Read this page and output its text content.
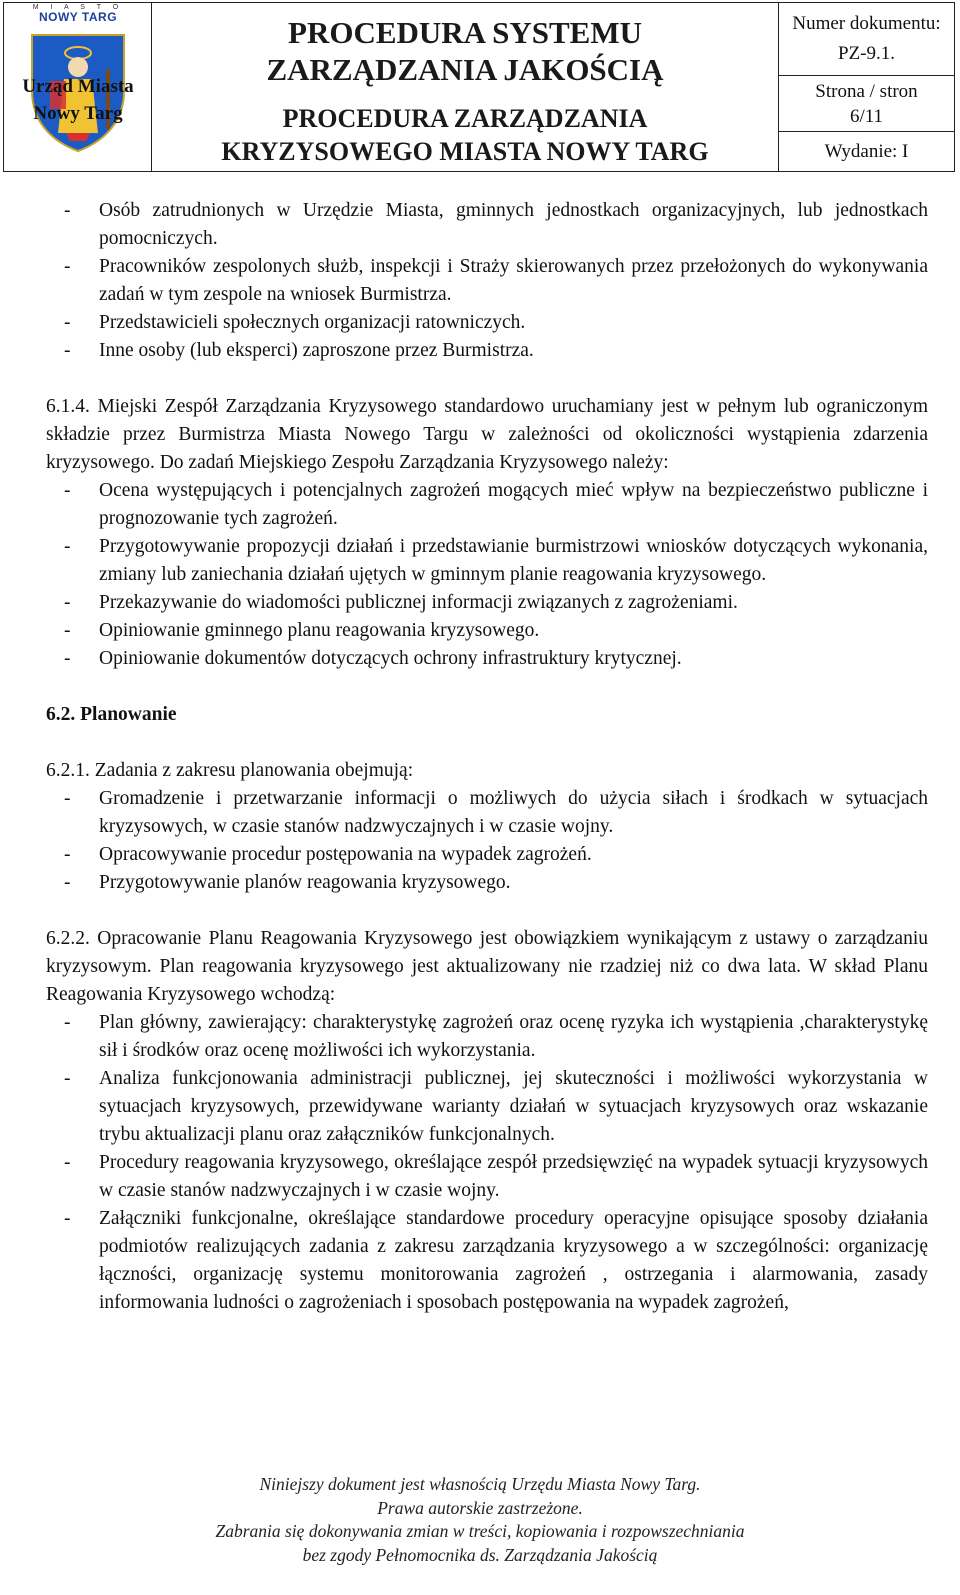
M I A S T O
NOWY TARG
Urząd Miasta
Nowy Targ
PROCEDURA SYSTEMU
ZARZĄDZANIA JAKOŚCIĄ
PROCEDURA ZARZĄDZANIA
KRYZYSOWEGO MIASTA NOWY TARG
Numer dokumentu:
PZ-9.1.
Strona / stron
6/11
Wydanie: I
- Osób zatrudnionych w Urzędzie Miasta, gminnych jednostkach organizacyjnych, lub jednostkach pomocniczych.
- Pracowników zespolonych służb, inspekcji i Straży skierowanych przez przełożonych do wykonywania zadań w tym zespole na wniosek Burmistrza.
- Przedstawicieli społecznych organizacji ratowniczych.
- Inne osoby (lub eksperci) zaproszone przez Burmistrza.

6.1.4. Miejski Zespół Zarządzania Kryzysowego standardowo uruchamiany jest w pełnym lub ograniczonym składzie przez Burmistrza Miasta Nowego Targu w zależności od okoliczności wystąpienia zdarzenia kryzysowego. Do zadań Miejskiego Zespołu Zarządzania Kryzysowego należy:

- Ocena występujących i potencjalnych zagrożeń mogących mieć wpływ na bezpieczeństwo publiczne i prognozowanie tych zagrożeń.
- Przygotowywanie propozycji działań i przedstawianie burmistrzowi wniosków dotyczących wykonania, zmiany lub zaniechania działań ujętych w gminnym planie reagowania kryzysowego.
- Przekazywanie do wiadomości publicznej informacji związanych z zagrożeniami.
- Opiniowanie gminnego planu reagowania kryzysowego.
- Opiniowanie dokumentów dotyczących ochrony infrastruktury krytycznej.

6.2. Planowanie

6.2.1. Zadania z zakresu planowania obejmują:

- Gromadzenie i przetwarzanie informacji o możliwych do użycia siłach i środkach w sytuacjach kryzysowych, w czasie stanów nadzwyczajnych i w czasie wojny.
- Opracowywanie procedur postępowania na wypadek zagrożeń.
- Przygotowywanie planów reagowania kryzysowego.

6.2.2. Opracowanie Planu Reagowania Kryzysowego jest obowiązkiem wynikającym z ustawy o zarządzaniu kryzysowym. Plan reagowania kryzysowego jest aktualizowany nie rzadziej niż co dwa lata. W skład Planu Reagowania Kryzysowego wchodzą:

- Plan główny, zawierający: charakterystykę zagrożeń oraz ocenę ryzyka ich wystąpienia ,charakterystykę sił i środków oraz ocenę możliwości ich wykorzystania.
- Analiza funkcjonowania administracji publicznej, jej skuteczności i możliwości wykorzystania w sytuacjach kryzysowych, przewidywane warianty działań w sytuacjach kryzysowych oraz wskazanie trybu aktualizacji planu oraz załączników funkcjonalnych.
- Procedury reagowania kryzysowego, określające zespół przedsięwzięć na wypadek sytuacji kryzysowych w czasie stanów nadzwyczajnych i w czasie wojny.
- Załączniki funkcjonalne, określające standardowe procedury operacyjne opisujące sposoby działania podmiotów realizujących zadania z zakresu zarządzania kryzysowego a w szczególności: organizację łączności, organizację systemu monitorowania zagrożeń , ostrzegania i alarmowania, zasady informowania ludności o zagrożeniach i sposobach postępowania na wypadek zagrożeń,
Niniejszy dokument jest własnością Urzędu Miasta Nowy Targ.
Prawa autorskie zastrzeżone.
Zabrania się dokonywania zmian w treści, kopiowania i rozpowszechniania
bez zgody Pełnomocnika ds. Zarządzania Jakością
